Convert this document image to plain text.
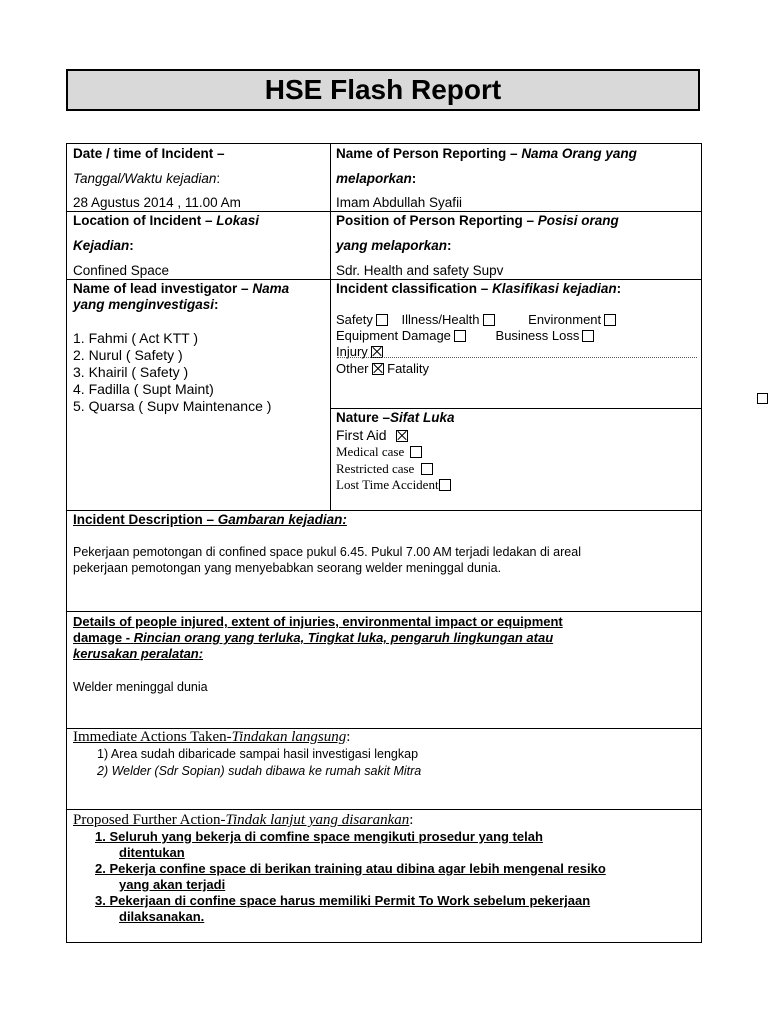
HSE Flash Report
Date / time of Incident –
Tanggal/Waktu kejadian:
28 Agustus 2014 , 11.00 Am
Name of Person Reporting – Nama Orang yang
melaporkan:
Imam Abdullah Syafii
Location of Incident – Lokasi
Kejadian:
Confined Space
Position of Person Reporting – Posisi orang
yang melaporkan:
Sdr. Health and safety Supv
Name of lead investigator – Nama
yang menginvestigasi:
1. Fahmi ( Act KTT )
2. Nurul ( Safety )
3. Khairil ( Safety )
4. Fadilla ( Supt Maint)
5. Quarsa ( Supv Maintenance )
Incident classification – Klasifikasi kejadian:
Safety Illness/Health	Environment
Equipment Damage	Business Loss
Injury
Other Fatality
Nature –Sifat Luka
First Aid
Medical case
Restricted case
Lost Time Accident
Incident Description – Gambaran kejadian:
Pekerjaan pemotongan di confined space pukul 6.45. Pukul 7.00 AM terjadi ledakan di areal
pekerjaan pemotongan yang menyebabkan seorang welder meninggal dunia.
Details of people injured, extent of injuries, environmental impact or equipment
damage - Rincian orang yang terluka, Tingkat luka, pengaruh lingkungan atau
kerusakan peralatan:
Welder meninggal dunia
Immediate Actions Taken-Tindakan langsung:
1) Area sudah dibaricade sampai hasil investigasi lengkap
2) Welder (Sdr Sopian) sudah dibawa ke rumah sakit Mitra
Proposed Further Action-Tindak lanjut yang disarankan:
1. Seluruh yang bekerja di comfine space mengikuti prosedur yang telah
ditentukan
2. Pekerja confine space di berikan training atau dibina agar lebih mengenal resiko
yang akan terjadi
3. Pekerjaan di confine space harus memiliki Permit To Work sebelum pekerjaan
dilaksanakan.
